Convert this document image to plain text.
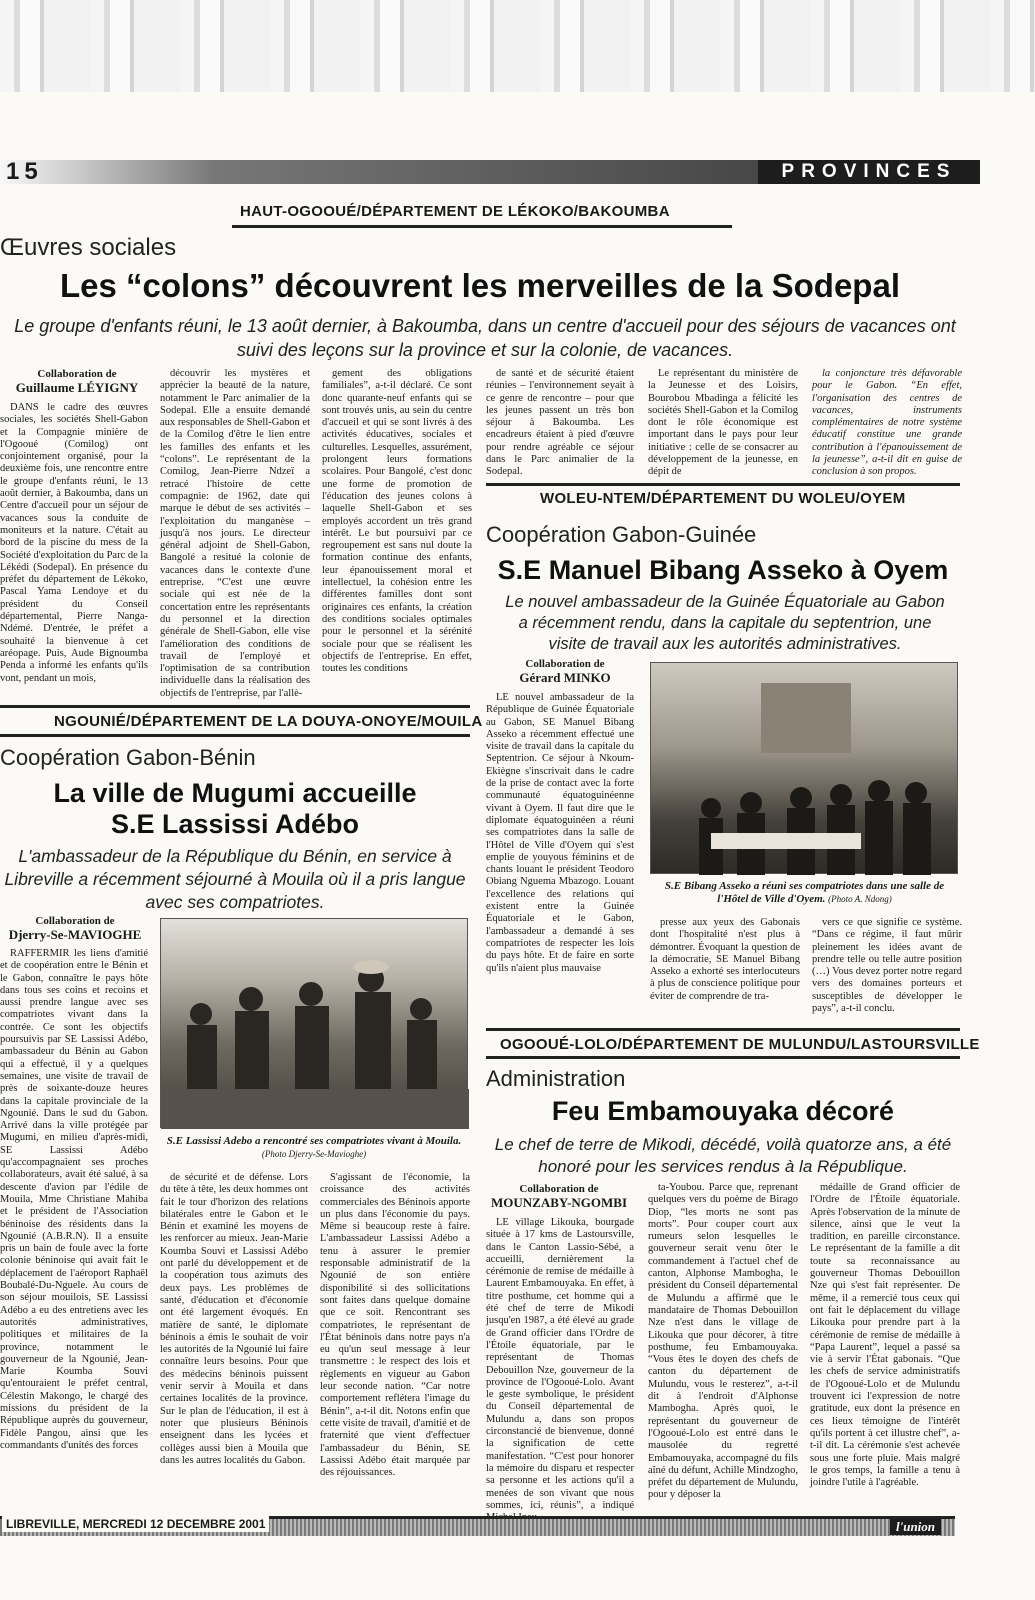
15	PROVINCES
HAUT-OGOOUÉ/DÉPARTEMENT DE LÉKOKO/BAKOUMBA
Œuvres sociales
Les “colons” découvrent les merveilles de la Sodepal
Le groupe d'enfants réuni, le 13 août dernier, à Bakoumba, dans un centre d'accueil pour des séjours de vacances ont suivi des leçons sur la province et sur la colonie, de vacances.
Collaboration de
Guillaume LÉYIGNY

DANS le cadre des œuvres sociales, les sociétés Shell-Gabon et la Compagnie minière de l'Ogooué (Comilog) ont conjointement organisé, pour la deuxième fois, une rencontre entre le groupe d'enfants réuni, le 13 août dernier, à Bakoumba, dans un Centre d'accueil pour un séjour de vacances sous la conduite de moniteurs et la nature. C'était au bord de la piscine du mess de la Société d'exploitation du Parc de la Lékédi (Sodepal). En présence du préfet du département de Lékoko, Pascal Yama Lendoye et du président du Conseil départemental, Pierre Nanga-Ndémé. D'entrée, le préfet a souhaité la bienvenue à cet aréopage. Puis, Aude Bignoumba Penda a informé les enfants qu'ils vont, pendant un mois,

découvrir les mystères et apprécier la beauté de la nature, notamment le Parc animalier de la Sodepal. Elle a ensuite demandé aux responsables de Shell-Gabon et de la Comilog d'être le lien entre les familles des enfants et les “colons”. Le représentant de la Comilog, Jean-Pierre Ndzeï a retracé l'histoire de cette compagnie: de 1962, date qui marque le début de ses activités – l'exploitation du manganèse – jusqu'à nos jours. Le directeur général adjoint de Shell-Gabon, Bangolé a resitué la colonie de vacances dans le contexte d'une entreprise. “C'est une œuvre sociale qui est née de la concertation entre les représentants du personnel et la direction générale de Shell-Gabon, elle vise l'amélioration des conditions de travail de l'employé et l'optimisation de sa contribution individuelle dans la réalisation des objectifs de l'entreprise, par l'allè-

gement des obligations familiales”, a-t-il déclaré. Ce sont donc quarante-neuf enfants qui se sont trouvés unis, au sein du centre d'accueil et qui se sont livrés à des activités éducatives, sociales et culturelles. Lesquelles, assurément, prolongent leurs formations scolaires. Pour Bangolé, c'est donc une forme de promotion de l'éducation des jeunes colons à laquelle Shell-Gabon et ses employés accordent un très grand intérêt. Le but poursuivi par ce regroupement est sans nul doute la formation continue des enfants, leur épanouissement moral et intellectuel, la cohésion entre les différentes familles dont sont originaires ces enfants, la création des conditions sociales optimales pour le personnel et la sérénité sociale pour que se réalisent les objectifs de l'entreprise. En effet, toutes les conditions

de santé et de sécurité étaient réunies – l'environnement seyait à ce genre de rencontre – pour que les jeunes passent un très bon séjour à Bakoumba. Les encadreurs étaient à pied d'œuvre pour rendre agréable ce séjour dans le Parc animalier de la Sodepal.

Le représentant du ministère de la Jeunesse et des Loisirs, Bourobou Mbadinga a félicité les sociétés Shell-Gabon et la Comilog dont le rôle économique est important dans le pays pour leur initiative : celle de se consacrer au développement de la jeunesse, en dépit de

la conjoncture très défavorable pour le Gabon. “En effet, l'organisation des centres de vacances, instruments complémentaires de notre système éducatif constitue une grande contribution à l'épanouissement de la jeunesse”, a-t-il dit en guise de conclusion à son propos.

WOLEU-NTEM/DÉPARTEMENT DU WOLEU/OYEM
Coopération Gabon-Guinée
S.E Manuel Bibang Asseko à Oyem
Le nouvel ambassadeur de la Guinée Équatoriale au Gabon a récemment rendu, dans la capitale du septentrion, une visite de travail aux les autorités administratives.
Collaboration de
Gérard MINKO

LE nouvel ambassadeur de la République de Guinée Équatoriale au Gabon, SE Manuel Bibang Asseko a récemment effectué une visite de travail dans la capitale du Septentrion. Ce séjour à Nkoum-Ekiègne s'inscrivait dans le cadre de la prise de contact avec la forte communauté équatoguinéenne vivant à Oyem. Il faut dire que le diplomate équatoguinéen a réuni ses compatriotes dans la salle de l'Hôtel de Ville d'Oyem qui s'est emplie de youyous féminins et de chants louant le président Teodoro Obiang Nguema Mbazogo. Louant l'excellence des relations qui existent entre la Guinée Équatoriale et le Gabon, l'ambassadeur a demandé à ses compatriotes de respecter les lois du pays hôte. Et de faire en sorte qu'ils n'aient plus mauvaise

S.E Bibang Asseko a réuni ses compatriotes dans une salle de l'Hôtel de Ville d'Oyem. (Photo A. Ndong)

presse aux yeux des Gabonais dont l'hospitalité n'est plus à démontrer. Évoquant la question de la démocratie, SE Manuel Bibang Asseko a exhorté ses interlocuteurs à plus de conscience politique pour éviter de comprendre de tra-

vers ce que signifie ce système. “Dans ce régime, il faut mûrir pleinement les idées avant de prendre telle ou telle autre position (…) Vous devez porter notre regard vers des domaines porteurs et susceptibles de développer le pays”, a-t-il conclu.

NGOUNIÉ/DÉPARTEMENT DE LA DOUYA-ONOYE/MOUILA
Coopération Gabon-Bénin
La ville de Mugumi accueille
S.E Lassissi Adébo
L'ambassadeur de la République du Bénin, en service à Libreville a récemment séjourné à Mouila où il a pris langue avec ses compatriotes.
Collaboration de
Djerry-Se-MAVIOGHE

RAFFERMIR les liens d'amitié et de coopération entre le Bénin et le Gabon, connaître le pays hôte dans tous ses coins et recoins et aussi prendre langue avec ses compatriotes vivant dans la contrée. Ce sont les objectifs poursuivis par SE Lassissi Adébo, ambassadeur du Bénin au Gabon qui a effectué, il y a quelques semaines, une visite de travail de près de soixante-douze heures dans la capitale provinciale de la Ngounié. Dans le sud du Gabon. Arrivé dans la ville protégée par Mugumi, en milieu d'après-midi, SE Lassissi Adébo qu'accompagnaient ses proches collaborateurs, avait été salué, à sa descente d'avion par l'édile de Mouila, Mme Christiane Mahiba et le président de l'Association béninoise des résidents dans la Ngounié (A.B.R.N). Il a ensuite pris un bain de foule avec la forte colonie béninoise qui avait fait le déplacement de l'aéroport Raphaël Boubalé-Du-Nguele. Au cours de son séjour mouilois, SE Lassissi Adébo a eu des entretiens avec les autorités administratives, politiques et militaires de la province, notamment le gouverneur de la Ngounié, Jean-Marie Koumba Souvi qu'entouraient le préfet central, Célestin Makongo, le chargé des missions du président de la République auprès du gouverneur, Fidèle Pangou, ainsi que les commandants d'unités des forces

S.E Lassissi Adebo a rencontré ses compatriotes vivant à Mouila. (Photo Djerry-Se-Mavioghe)

de sécurité et de défense. Lors du tête à tête, les deux hommes ont fait le tour d'horizon des relations bilatérales entre le Gabon et le Bénin et examiné les moyens de les renforcer au mieux. Jean-Marie Koumba Souvi et Lassissi Adébo ont parlé du développement et de la coopération tous azimuts des deux pays. Les problèmes de santé, d'éducation et d'économie ont été largement évoqués. En matière de santé, le diplomate béninois a émis le souhait de voir les autorités de la Ngounié lui faire connaître leurs besoins. Pour que des médecins béninois puissent venir servir à Mouila et dans certaines localités de la province. Sur le plan de l'éducation, il est à noter que plusieurs Béninois enseignent dans les lycées et collèges aussi bien à Mouila que dans les autres localités du Gabon.

S'agissant de l'économie, la croissance des activités commerciales des Béninois apporte un plus dans l'économie du pays. Même si beaucoup reste à faire. L'ambassadeur Lassissi Adébo a tenu à assurer le premier responsable administratif de la Ngounié de son entière disponibilité si des sollicitations sont faites dans quelque domaine que ce soit. Rencontrant ses compatriotes, le représentant de l'État béninois dans notre pays n'a eu qu'un seul message à leur transmettre : le respect des lois et règlements en vigueur au Gabon leur seconde nation. “Car notre comportement reflétera l'image du Bénin”, a-t-il dit. Notons enfin que cette visite de travail, d'amitié et de fraternité que vient d'effectuer l'ambassadeur du Bénin, SE Lassissi Adébo était marquée par des réjouissances.

OGOOUÉ-LOLO/DÉPARTEMENT DE MULUNDU/LASTOURSVILLE
Administration
Feu Embamouyaka décoré
Le chef de terre de Mikodi, décédé, voilà quatorze ans, a été honoré pour les services rendus à la République.
Collaboration de
MOUNZABY-NGOMBI

LE village Likouka, bourgade située à 17 kms de Lastoursville, dans le Canton Lassio-Sébé, a accueilli, dernièrement la cérémonie de remise de médaille à Laurent Embamouyaka. En effet, à titre posthume, cet homme qui a été chef de terre de Mikodi jusqu'en 1987, a été élevé au grade de Grand officier dans l'Ordre de l'Étoile équatoriale, par le représentant de Thomas Debouillon Nze, gouverneur de la province de l'Ogooué-Lolo. Avant le geste symbolique, le président du Conseil départemental de Mulundu a, dans son propos circonstancié de bienvenue, donné la signification de cette manifestation. “C'est pour honorer la mémoire du disparu et respecter sa personne et les actions qu'il a menées de son vivant que nous sommes, ici, réunis”, a indiqué

ta-Youbou. Parce que, reprenant quelques vers du poème de Birago Diop, “les morts ne sont pas morts”. Pour couper court aux rumeurs selon lesquelles le gouverneur serait venu ôter le commandement à l'actuel chef de canton, Alphonse Mambogha, le président du Conseil départemental de Mulundu a affirmé que le mandataire de Thomas Debouillon Nze n'est dans le village de Likouka que pour décorer, à titre posthume, feu Embamouyaka. “Vous êtes le doyen des chefs de canton du département de Mulundu, vous le resterez”, a-t-il dit à l'endroit d'Alphonse Mambogha. Après quoi, le représentant du gouverneur de l'Ogooué-Lolo est entré dans le mausolée du regretté Embamouyaka, accompagné du fils aîné du défunt, Achille Mindzogho, préfet du département de Mulundu, pour y déposer la

médaille de Grand officier de l'Ordre de l'Étoile équatoriale. Après l'observation de la minute de silence, ainsi que le veut la tradition, en pareille circonstance. Le représentant de la famille a dit toute sa reconnaissance au gouverneur Thomas Debouillon Nze qui s'est fait représenter. De même, il a remercié tous ceux qui ont fait le déplacement du village Likouka pour prendre part à la cérémonie de remise de médaille à “Papa Laurent”, lequel a passé sa vie à servir l'État gabonais. “Que les chefs de service administratifs de l'Ogooué-Lolo et de Mulundu trouvent ici l'expression de notre gratitude, eux dont la présence en ces lieux témoigne de l'intérêt qu'ils portent à cet illustre chef”, a-t-il dit. La cérémonie s'est achevée sous une forte pluie. Mais malgré le gros temps, la famille a tenu à joindre l'utile à l'agréable.

LIBREVILLE, MERCREDI 12 DECEMBRE 2001	l'union
